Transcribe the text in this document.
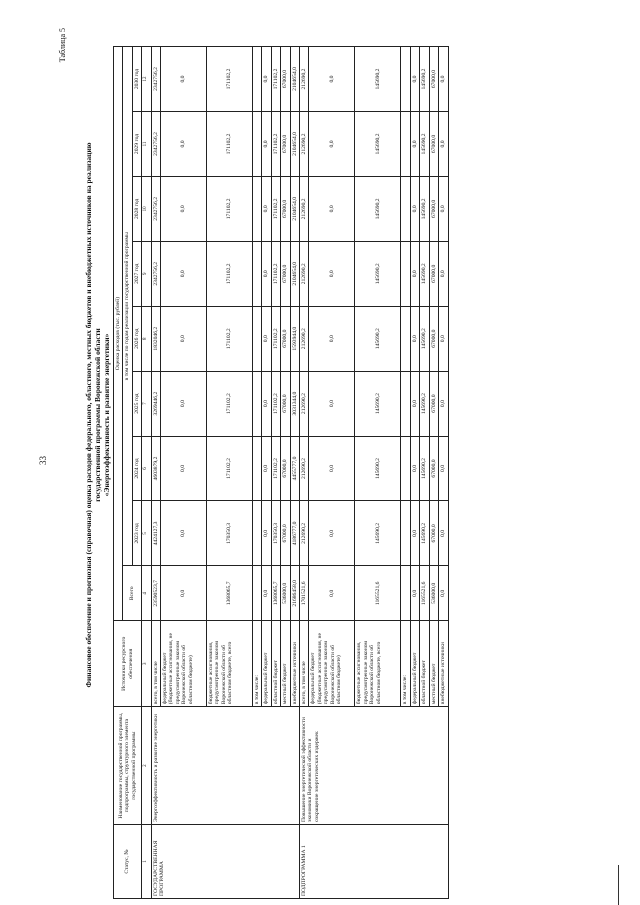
33
Таблица 5
Финансовое обеспечение и прогнозная (справочная) оценка расходов федерального, областного, местных бюджетов и внебюджетных источников на реализацию государственной программы Воронежской области «Энергоэффективность и развитие энергетики»
Статус, №	Наименование государственной программы, подпрограммы, структурного элемента государственной программы	Источники ресурсного обеспечения	Оценка расходов (тыс. рублей)								
			Всего	в том числе по годам реализации государственной программы							
				2023 год	2024 год	2025 год	2026 год	2027 год	2028 год	2029 год	2030 год
1	2	3	4	5	6	7	8	9	10	11	12
ГОСУДАРСТВЕННАЯ ПРОГРАММА	Энергоэффективность и развитие энергетики	всего, в том числе	23590523,7	4424127,3	4603879,2	3269446,2	1832046,2	2342756,2	2342756,2	2342756,2	2342756,2
		федеральный бюджет (бюджетные ассигнования, не предусмотренные законом Воронежской области об областном бюджете)	0,0	0,0	0,0	0,0	0,0	0,0	0,0	0,0	0,0
		бюджетные ассигнования, предусмотренные законом Воронежской области об областном бюджете, всего	1368065,7	170350,3	171102,2	171102,2	171102,2	171102,2	171102,2	171102,2	171102,2
		в том числе:									
		федеральный бюджет	0,0	0,0	0,0	0,0	0,0	0,0	0,0	0,0	0,0
		областной бюджет	1368065,7	170350,3	171102,2	171102,2	171102,2	171102,2	171102,2	171102,2	171102,2
		местный бюджет	536000,0	67000,0	67000,0	67000,0	67000,0	67000,0	67000,0	67000,0	67000,0
		внебюджетные источники	21686458,0	4186777,0	4455777,0	3031344,0	1593944,0	2104654,0	2104654,0	2104654,0	2104654,0
ПОДПРОГРАММА 1	Повышение энергетической эффективности экономики Воронежской области и сокращение энергетических издержек	всего, в том числе	1701521,6	212690,2	212690,2	212690,2	212690,2	212690,2	212690,2	212690,2	212690,2
		федеральный бюджет (бюджетные ассигнования, не предусмотренные законом Воронежской области об областном бюджете)	0,0	0,0	0,0	0,0	0,0	0,0	0,0	0,0	0,0
		бюджетные ассигнования, предусмотренные законом Воронежской области об областном бюджете, всего	1165521,6	145690,2	145690,2	145690,2	145690,2	145690,2	145690,2	145690,2	145690,2
		в том числе:									
		федеральный бюджет	0,0	0,0	0,0	0,0	0,0	0,0	0,0	0,0	0,0
		областной бюджет	1165521,6	145690,2	145690,2	145690,2	145690,2	145690,2	145690,2	145690,2	145690,2
		местный бюджет	536000,0	67000,0	67000,0	67000,0	67000,0	67000,0	67000,0	67000,0	67000,0
		внебюджетные источники	0,0	0,0	0,0	0,0	0,0	0,0	0,0	0,0	0,0
